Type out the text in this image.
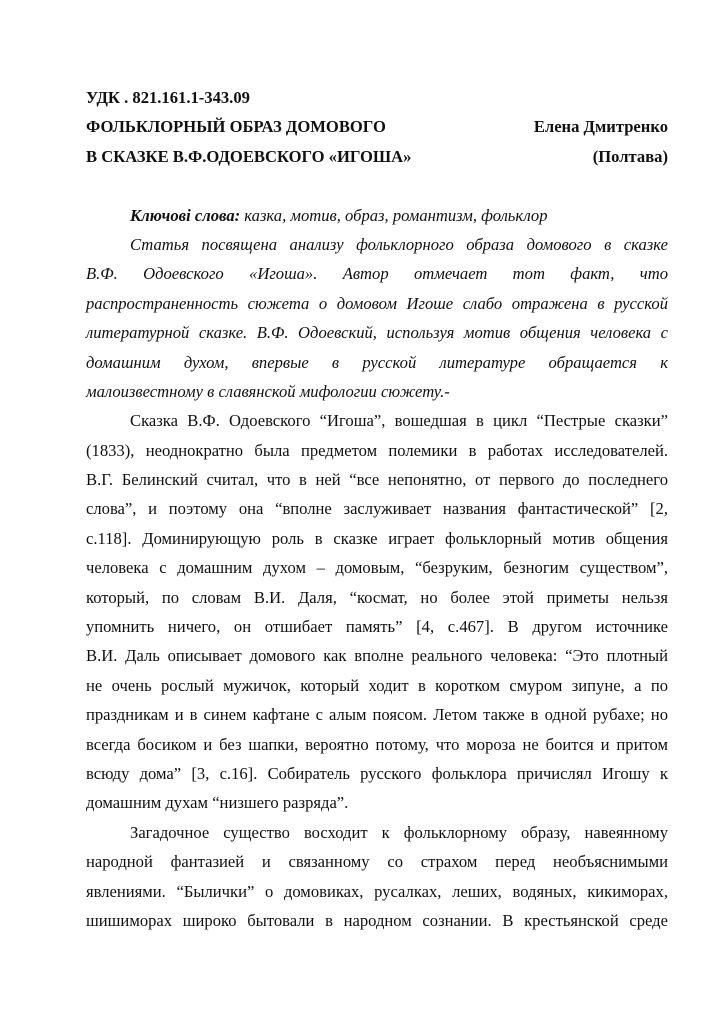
УДК . 821.161.1-343.09
ФОЛЬКЛОРНЫЙ ОБРАЗ ДОМОВОГО	Елена Дмитренко
В СКАЗКЕ В.Ф.ОДОЕВСКОГО «ИГОША»	(Полтава)
Ключові слова: казка, мотив, образ, романтизм, фольклор
Статья посвящена анализу фольклорного образа домового в сказке
В.Ф. Одоевского «Игоша». Автор отмечает тот факт, что
распространенность сюжета о домовом Игоше слабо отражена в русской
литературной сказке. В.Ф. Одоевский, используя мотив общения человека с
домашним духом, впервые в русской литературе обращается к
малоизвестному в славянской мифологии сюжету.-
Сказка В.Ф. Одоевского “Игоша”, вошедшая в цикл “Пестрые сказки”
(1833), неоднократно была предметом полемики в работах исследователей.
В.Г. Белинский считал, что в ней “все непонятно, от первого до последнего
слова”, и поэтому она “вполне заслуживает названия фантастической” [2,
с.118]. Доминирующую роль в сказке играет фольклорный мотив общения
человека с домашним духом – домовым, “безруким, безногим существом”,
который, по словам В.И. Даля, “космат, но более этой приметы нельзя
упомнить ничего, он отшибает память” [4, с.467]. В другом источнике
В.И. Даль описывает домового как вполне реального человека: “Это плотный
не очень рослый мужичок, который ходит в коротком смуром зипуне, а по
праздникам и в синем кафтане с алым поясом. Летом также в одной рубахе; но
всегда босиком и без шапки, вероятно потому, что мороза не боится и притом
всюду дома” [3, с.16]. Собиратель русского фольклора причислял Игошу к
домашним духам “низшего разряда”.
Загадочное существо восходит к фольклорному образу, навеянному
народной фантазией и связанному со страхом перед необъяснимыми
явлениями. “Былички” о домовиках, русалках, леших, водяных, кикиморах,
шишиморах широко бытовали в народном сознании. В крестьянской среде
